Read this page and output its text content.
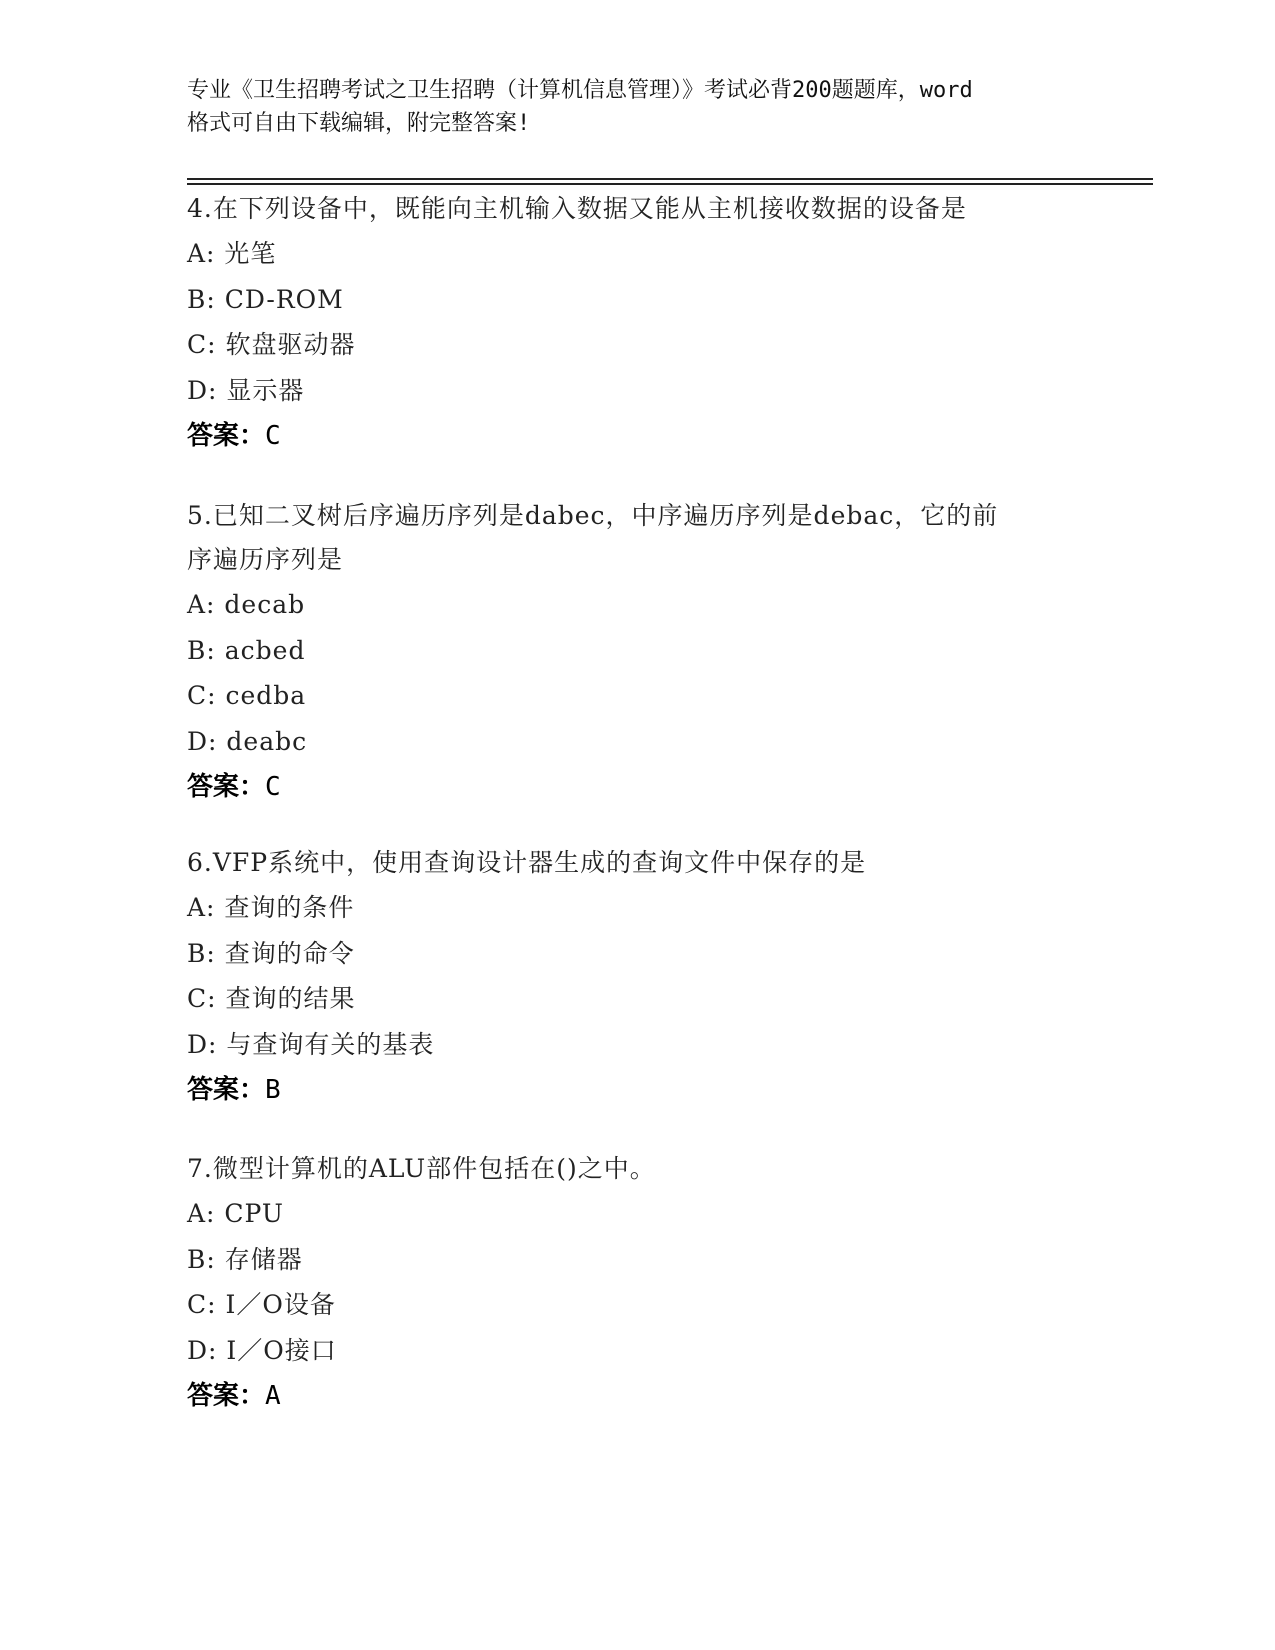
专业《卫生招聘考试之卫生招聘（计算机信息管理）》考试必背200题题库，word
格式可自由下载编辑，附完整答案!

4.在下列设备中，既能向主机输入数据又能从主机接收数据的设备是

A: 光笔

B: CD-ROM

C: 软盘驱动器

D: 显示器

答案：C

5.已知二叉树后序遍历序列是dabec，中序遍历序列是debac，它的前

序遍历序列是

A: decab

B: acbed

C: cedba

D: deabc

答案：C

6.VFP系统中，使用查询设计器生成的查询文件中保存的是

A: 查询的条件

B: 查询的命令

C: 查询的结果

D: 与查询有关的基表

答案：B

7.微型计算机的ALU部件包括在()之中。

A: CPU

B: 存储器

C: I／O设备

D: I／O接口

答案：A
